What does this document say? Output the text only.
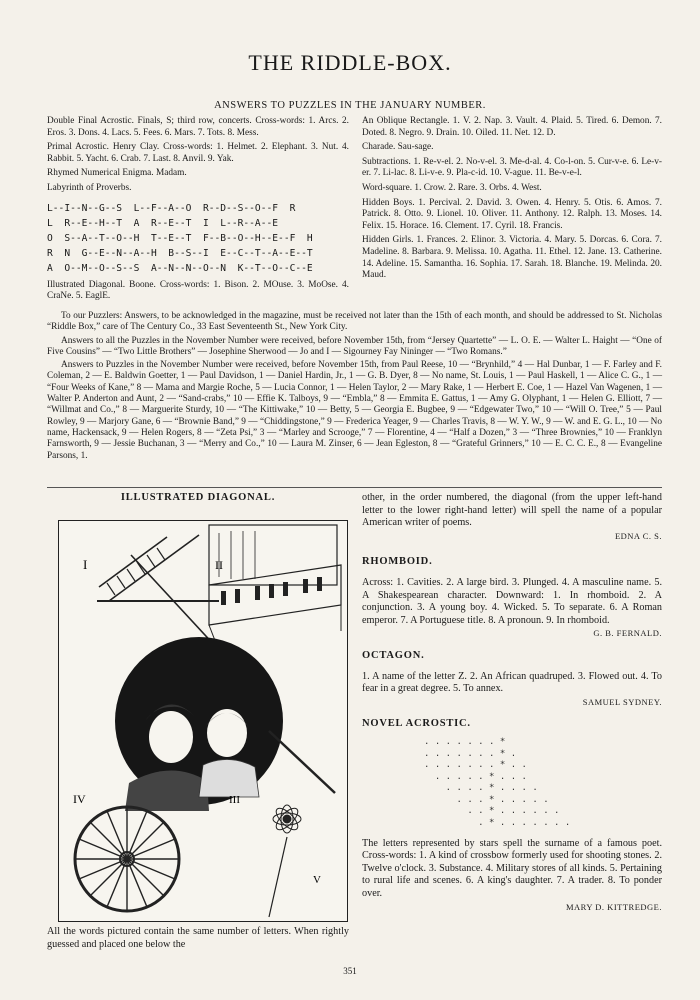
THE RIDDLE-BOX.
ANSWERS TO PUZZLES IN THE JANUARY NUMBER.

Double Final Acrostic. Finals, S; third row, concerts. Cross-words: 1. Arcs. 2. Eros. 3. Dons. 4. Lacs. 5. Fees. 6. Mars. 7. Tots. 8. Mess.

Primal Acrostic. Henry Clay. Cross-words: 1. Helmet. 2. Elephant. 3. Nut. 4. Rabbit. 5. Yacht. 6. Crab. 7. Last. 8. Anvil. 9. Yak.

Rhymed Numerical Enigma. Madam.

Labyrinth of Proverbs.

L--I--N--G--S  L--F--A--O  R--D--S--O--F  R
L  R--E--H--T  A  R--E--T  I  L--R--A--E
O  S--A--T--O--H  T--E--T  F--B--O--H--E--F  H
R  N  G--E--N--A--H  B--S--I  E--C--T--A--E--T
A  O--M--O--S--S  A--N--N--O--N  K--T--O--C--E

Illustrated Diagonal. Boone. Cross-words: 1. Bison. 2. MOuse. 3. MoOse. 4. CraNe. 5. EaglE.

An Oblique Rectangle. 1. V. 2. Nap. 3. Vault. 4. Plaid. 5. Tired. 6. Demon. 7. Doted. 8. Negro. 9. Drain. 10. Oiled. 11. Net. 12. D.

Charade. Sau-sage.

Subtractions. 1. Re-v-el. 2. No-v-el. 3. Me-d-al. 4. Co-l-on. 5. Cur-v-e. 6. Le-v-er. 7. Li-lac. 8. Li-v-e. 9. Pla-c-id. 10. V-ague. 11. Be-v-e-l.

Word-square. 1. Crow. 2. Rare. 3. Orbs. 4. West.

Hidden Boys. 1. Percival. 2. David. 3. Owen. 4. Henry. 5. Otis. 6. Amos. 7. Patrick. 8. Otto. 9. Lionel. 10. Oliver. 11. Anthony. 12. Ralph. 13. Moses. 14. Felix. 15. Horace. 16. Clement. 17. Cyril. 18. Francis.

Hidden Girls. 1. Frances. 2. Elinor. 3. Victoria. 4. Mary. 5. Dorcas. 6. Cora. 7. Madeline. 8. Barbara. 9. Melissa. 10. Agatha. 11. Ethel. 12. Jane. 13. Catherine. 14. Adeline. 15. Samantha. 16. Sophia. 17. Sarah. 18. Blanche. 19. Melinda. 20. Maud.

To our Puzzlers: Answers, to be acknowledged in the magazine, must be received not later than the 15th of each month, and should be addressed to St. Nicholas “Riddle Box,” care of The Century Co., 33 East Seventeenth St., New York City.

Answers to all the Puzzles in the November Number were received, before November 15th, from “Jersey Quartette” — L. O. E. — Walter L. Haight — “One of Five Cousins” — “Two Little Brothers” — Josephine Sherwood — Jo and I — Sigourney Fay Nininger — “Two Romans.”

Answers to Puzzles in the November Number were received, before November 15th, from Paul Reese, 10 — “Brynhild,” 4 — Hal Dunbar, 1 — F. Farley and F. Coleman, 2 — E. Baldwin Goetter, 1 — Paul Davidson, 1 — Daniel Hardin, Jr., 1 — G. B. Dyer, 8 — No name, St. Louis, 1 — Paul Haskell, 1 — Alice C. G., 1 — “Four Weeks of Kane,” 8 — Mama and Margie Roche, 5 — Lucia Connor, 1 — Helen Taylor, 2 — Mary Rake, 1 — Herbert E. Coe, 1 — Hazel Van Wagenen, 1 — Walter P. Anderton and Aunt, 2 — “Sand-crabs,” 10 — Effie K. Talboys, 9 — “Embla,” 8 — Emmita E. Gattus, 1 — Amy G. Olyphant, 1 — Helen G. Elliott, 7 — “Willmat and Co.,” 8 — Marguerite Sturdy, 10 — “The Kittiwake,” 10 — Betty, 5 — Georgia E. Bugbee, 9 — “Edgewater Two,” 10 — “Will O. Tree,” 5 — Paul Rowley, 9 — Marjory Gane, 6 — “Brownie Band,” 9 — “Chiddingstone,” 9 — Frederica Yeager, 9 — Charles Travis, 8 — W. Y. W., 9 — W. and E. G. L., 10 — No name, Hackensack, 9 — Helen Rogers, 8 — “Zeta Psi,” 3 — “Marley and Scrooge,” 7 — Florentine, 4 — “Half a Dozen,” 3 — “Three Brownies,” 10 — Franklyn Farnsworth, 9 — Jessie Buchanan, 3 — “Merry and Co.,” 10 — Laura M. Zinser, 6 — Jean Egleston, 8 — “Grateful Grinners,” 10 — E. C. C. E., 8 — Evangeline Parsons, 1.

ILLUSTRATED DIAGONAL.

I	II
III
IV
V
All the words pictured contain the same number of letters. When rightly guessed and placed one below the

other, in the order numbered, the diagonal (from the upper left-hand letter to the lower right-hand letter) will spell the name of a popular American writer of poems.

EDNA C. S.

RHOMBOID.

Across: 1. Cavities. 2. A large bird. 3. Plunged. 4. A masculine name. 5. A Shakespearean character. Downward: 1. In rhomboid. 2. A conjunction. 3. A young boy. 4. Wicked. 5. To separate. 6. A Roman emperor. 7. A Portuguese title. 8. A pronoun. 9. In rhomboid.

G. B. FERNALD.

OCTAGON.

1. A name of the letter Z. 2. An African quadruped. 3. Flowed out. 4. To fear in a great degree. 5. To annex.

SAMUEL SYDNEY.

NOVEL ACROSTIC.

. . . . . . . *
. . . . . . . * .
. . . . . . . * . .
. . . . . * . . .
. . . . * . . . .
. . . * . . . . .
. . * . . . . . .
. * . . . . . . .

The letters represented by stars spell the surname of a famous poet. Cross-words: 1. A kind of crossbow formerly used for shooting stones. 2. Twelve o'clock. 3. Substance. 4. Military stores of all kinds. 5. Pertaining to rural life and scenes. 6. A king's daughter. 7. A trader. 8. To ponder over.

MARY D. KITTREDGE.
351
